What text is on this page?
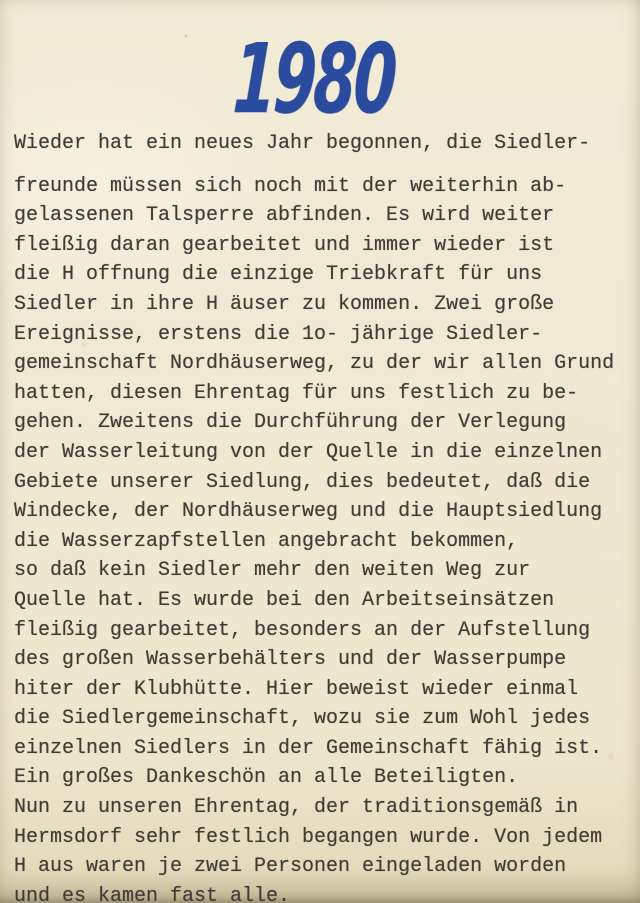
1980
Wieder hat ein neues Jahr begonnen, die Siedler-
freunde müssen sich noch mit der weiterhin ab-
gelassenen Talsperre abfinden. Es wird weiter
fleißig daran gearbeitet und immer wieder ist
die H offnung die einzige Triebkraft für uns
Siedler in ihre H äuser zu kommen. Zwei große
Ereignisse, erstens die 1o- jährige Siedler-
gemeinschaft Nordhäuserweg, zu der wir allen Grund
hatten, diesen Ehrentag für uns festlich zu be-
gehen. Zweitens die Durchführung der Verlegung
der Wasserleitung von der Quelle in die einzelnen
Gebiete unserer Siedlung, dies bedeutet, daß die
Windecke, der Nordhäuserweg und die Hauptsiedlung
die Wasserzapfstellen angebracht bekommen,
so daß kein Siedler mehr den weiten Weg zur
Quelle hat. Es wurde bei den Arbeitseinsätzen
fleißig gearbeitet, besonders an der Aufstellung
des großen Wasserbehälters und der Wasserpumpe
hiter der Klubhütte. Hier beweist wieder einmal
die Siedlergemeinschaft, wozu sie zum Wohl jedes
einzelnen Siedlers in der Gemeinschaft fähig ist.
Ein großes Dankeschön an alle Beteiligten.
Nun zu unseren Ehrentag, der traditionsgemäß in
Hermsdorf sehr festlich begangen wurde. Von jedem
H aus waren je zwei Personen eingeladen worden
und es kamen fast alle.
